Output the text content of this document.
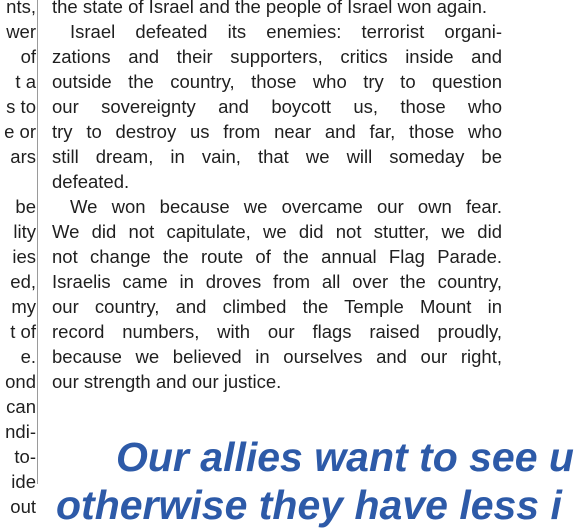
nts,
wer
of
t a
s to
e or
ars
be
lity
ies
ed,
my
t of
e.
ond
can
ndi-
to-
ide
out
the state of Israel and the people of Israel won again.
Israel defeated its enemies: terrorist organi-
zations and their supporters, critics inside and
outside the country, those who try to question
our sovereignty and boycott us, those who
try to destroy us from near and far, those who
still dream, in vain, that we will someday be
defeated.
We won because we overcame our own fear.
We did not capitulate, we did not stutter, we did
not change the route of the annual Flag Parade.
Israelis came in droves from all over the country,
our country, and climbed the Temple Mount in
record numbers, with our flags raised proudly,
because we believed in ourselves and our right,
our strength and our justice.
Our allies want to see u
otherwise they have less i
